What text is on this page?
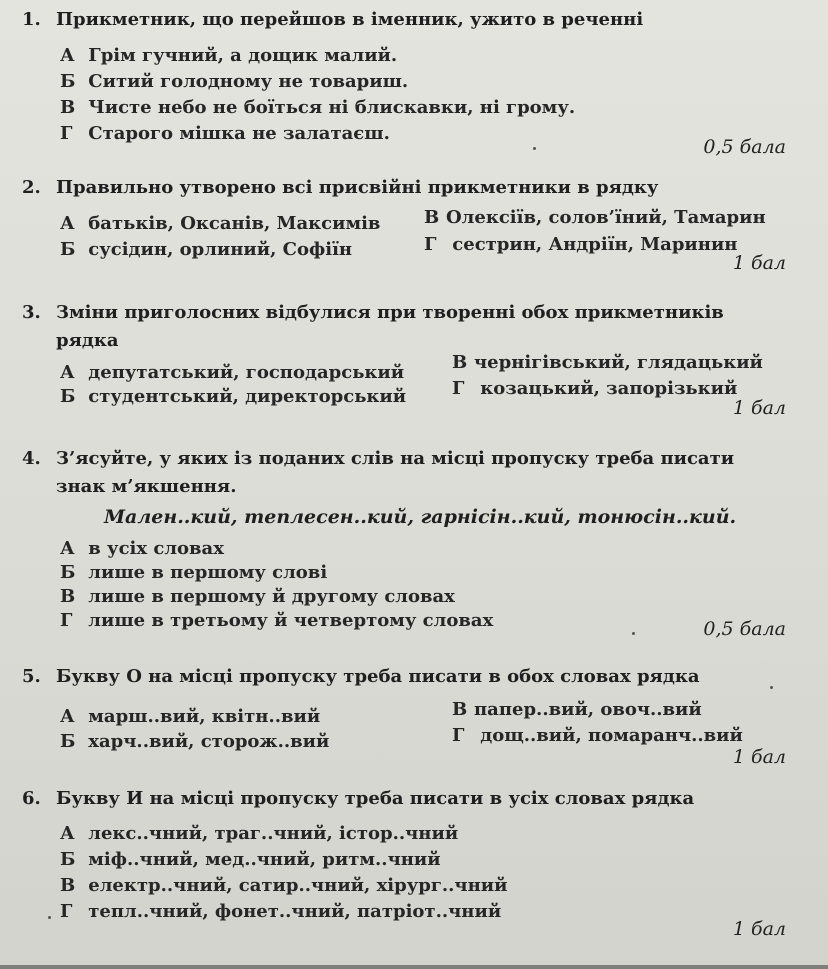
1. Прикметник, що перейшов в іменник, ужито в реченні
А Грім гучний, а дощик малий.
Б Ситий голодному не товариш.
В Чисте небо не боїться ні блискавки, ні грому.
Г Старого мішка не залатаєш.
0,5 бала
2. Правильно утворено всі присвійні прикметники в рядку
А батьків, Оксанів, Максимів
Б сусідин, орлиний, Софіїн
В Олексіїв, солов’їний, Тамарин
Г сестрин, Андріїн, Маринин
1 бал
3. Зміни приголосних відбулися при творенні обох прикметників
рядка
А депутатський, господарський
Б студентський, директорський
В чернігівський, глядацький
Г козацький, запорізький
1 бал
4. З’ясуйте, у яких із поданих слів на місці пропуску треба писати
знак м’якшення.
Мален..кий, теплесен..кий, гарнісін..кий, тонюсін..кий.
А в усіх словах
Б лише в першому слові
В лише в першому й другому словах
Г лише в третьому й четвертому словах	0,5 бала
5. Букву О на місці пропуску треба писати в обох словах рядка
А марш..вий, квітн..вий
Б харч..вий, сторож..вий
В папер..вий, овоч..вий
Г дощ..вий, помаранч..вий
1 бал
6. Букву И на місці пропуску треба писати в усіх словах рядка
А лекс..чний, траг..чний, істор..чний
Б міф..чний, мед..чний, ритм..чний
В електр..чний, сатир..чний, хірург..чний
Г тепл..чний, фонет..чний, патріот..чний
1 бал
